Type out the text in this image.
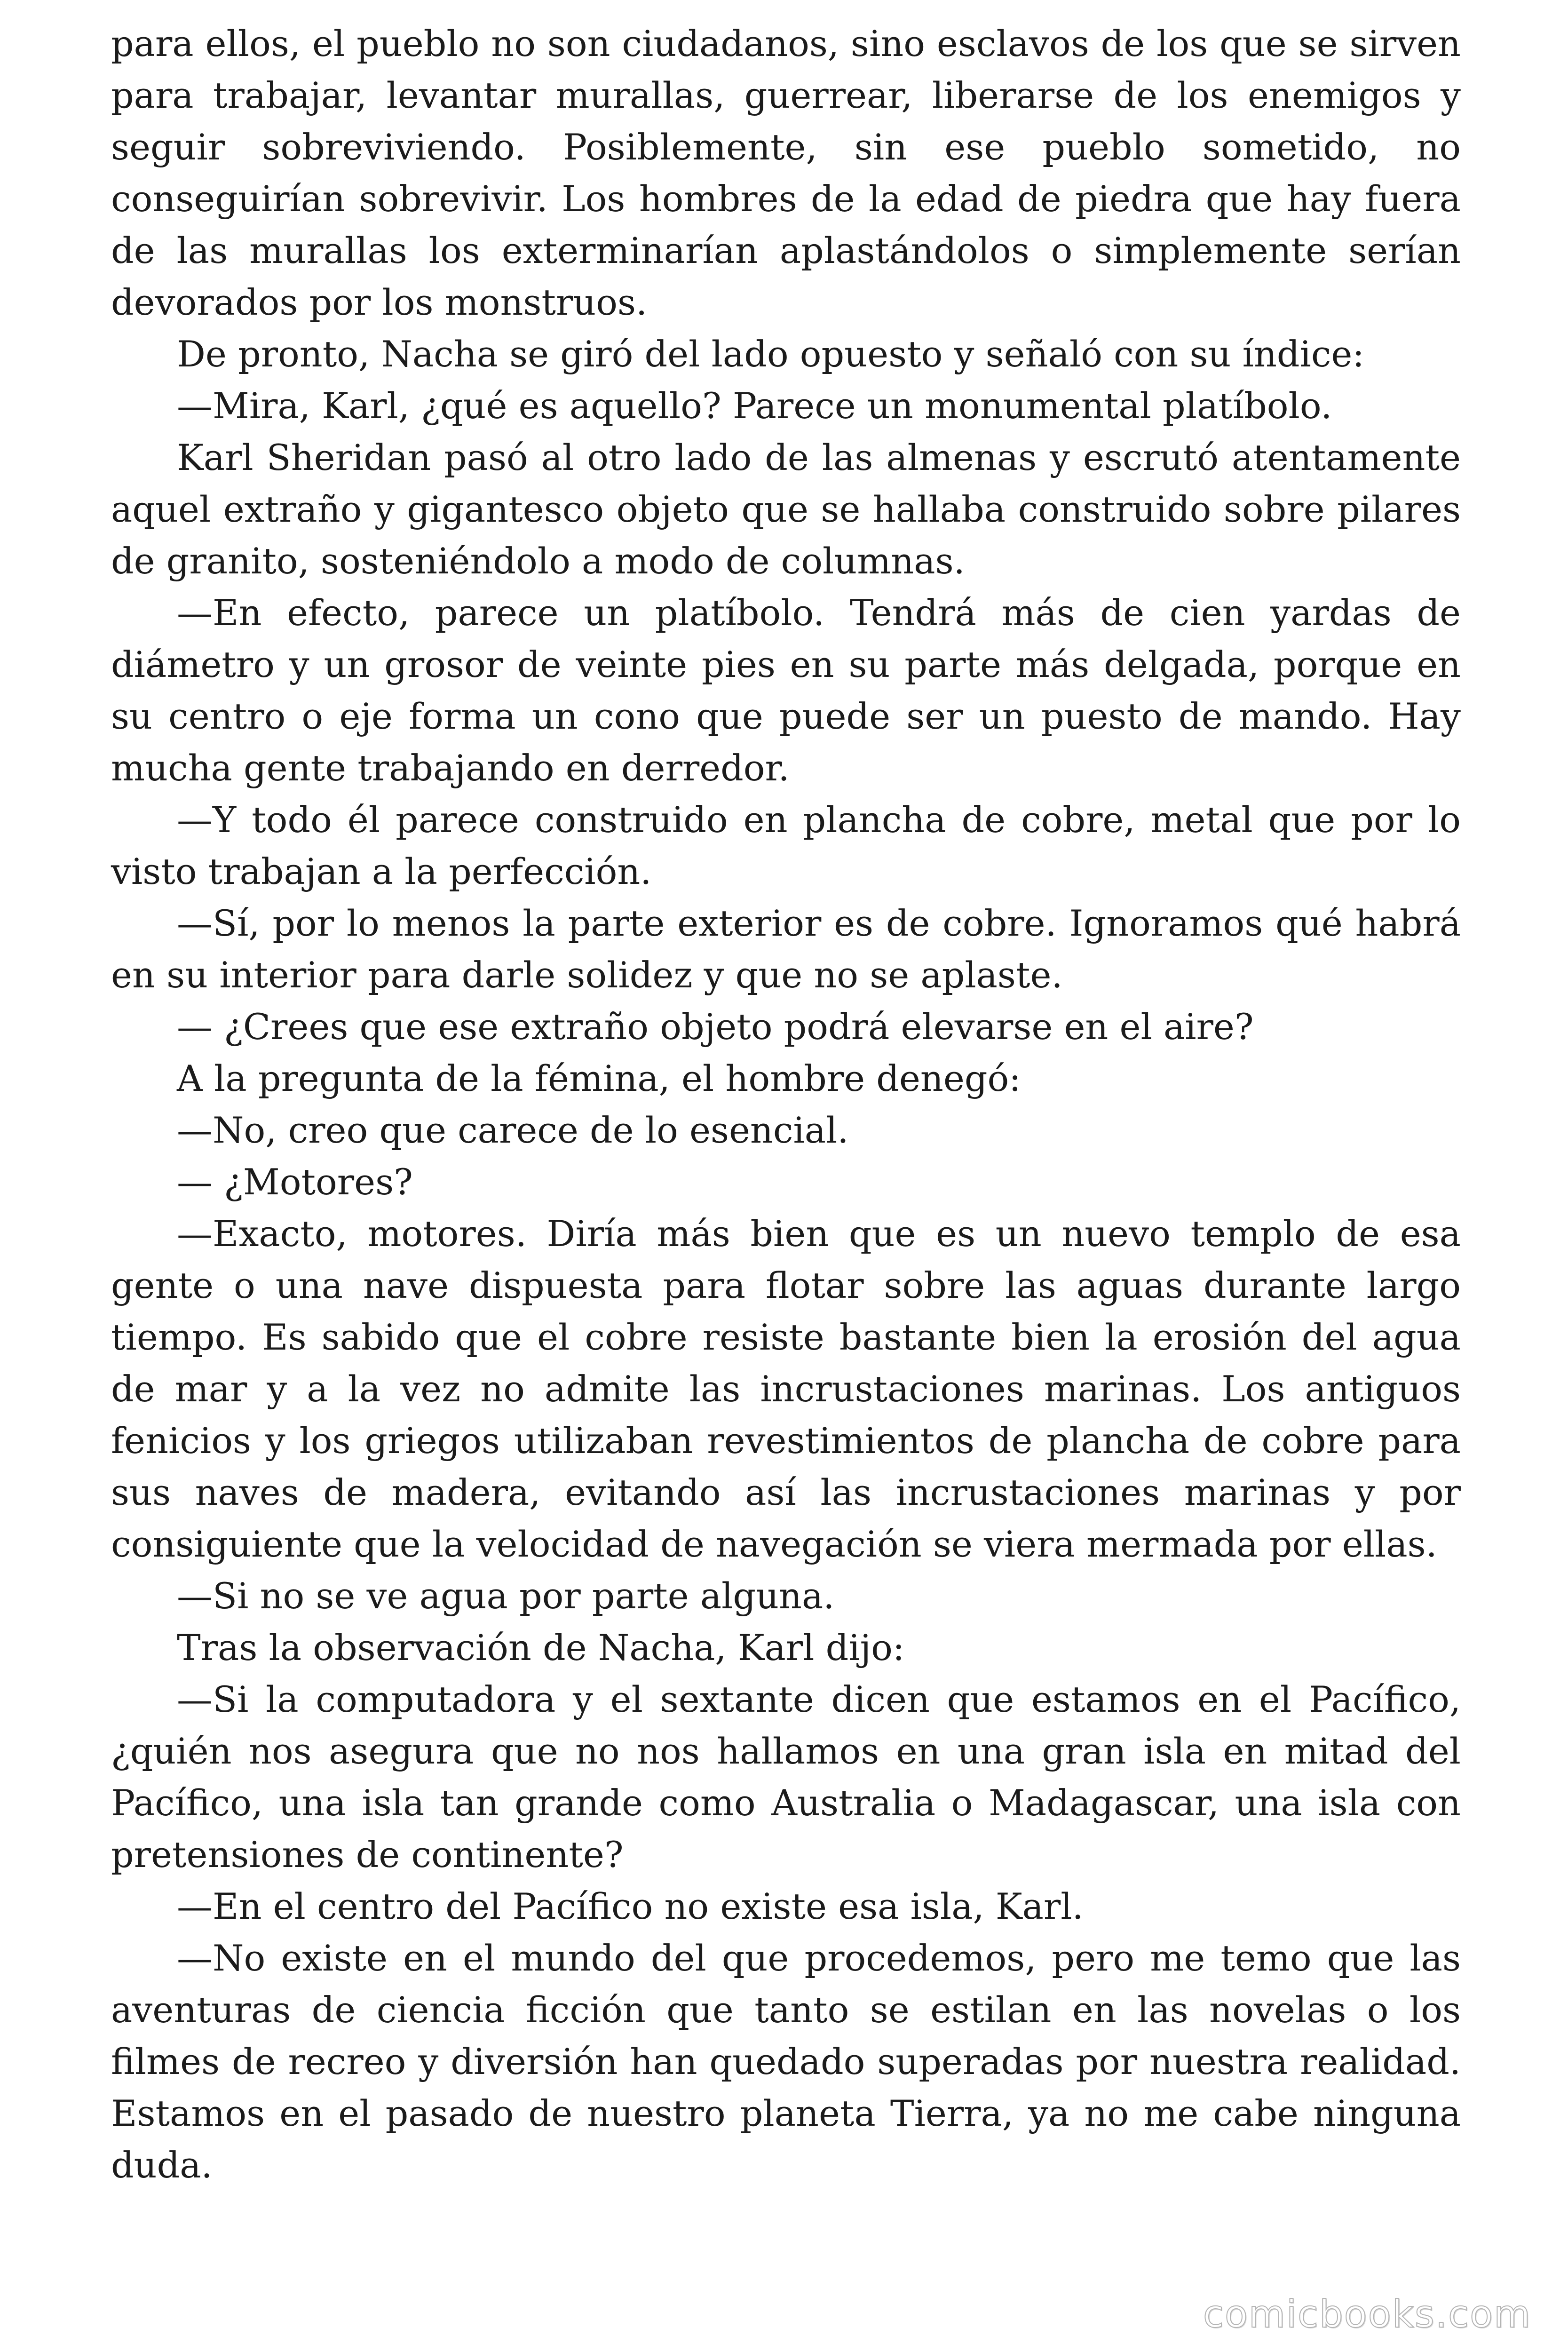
para ellos, el pueblo no son ciudadanos, sino esclavos de los que se sirven para trabajar, levantar murallas, guerrear, liberarse de los enemigos y seguir sobreviviendo. Posiblemente, sin ese pueblo sometido, no conseguirían sobrevivir. Los hombres de la edad de piedra que hay fuera de las murallas los exterminarían aplastándolos o simplemente serían devorados por los monstruos.

De pronto, Nacha se giró del lado opuesto y señaló con su índice:

—Mira, Karl, ¿qué es aquello? Parece un monumental platíbolo.

Karl Sheridan pasó al otro lado de las almenas y escrutó atentamente aquel extraño y gigantesco objeto que se hallaba construido sobre pilares de granito, sosteniéndolo a modo de columnas.

—En efecto, parece un platíbolo. Tendrá más de cien yardas de diámetro y un grosor de veinte pies en su parte más delgada, porque en su centro o eje forma un cono que puede ser un puesto de mando. Hay mucha gente trabajando en derredor.

—Y todo él parece construido en plancha de cobre, metal que por lo visto trabajan a la perfección.

—Sí, por lo menos la parte exterior es de cobre. Ignoramos qué habrá en su interior para darle solidez y que no se aplaste.

— ¿Crees que ese extraño objeto podrá elevarse en el aire?

A la pregunta de la fémina, el hombre denegó:

—No, creo que carece de lo esencial.

— ¿Motores?

—Exacto, motores. Diría más bien que es un nuevo templo de esa gente o una nave dispuesta para flotar sobre las aguas durante largo tiempo. Es sabido que el cobre resiste bastante bien la erosión del agua de mar y a la vez no admite las incrustaciones marinas. Los antiguos fenicios y los griegos utilizaban revestimientos de plancha de cobre para sus naves de madera, evitando así las incrustaciones marinas y por consiguiente que la velocidad de navegación se viera mermada por ellas.

—Si no se ve agua por parte alguna.

Tras la observación de Nacha, Karl dijo:

—Si la computadora y el sextante dicen que estamos en el Pacífico, ¿quién nos asegura que no nos hallamos en una gran isla en mitad del Pacífico, una isla tan grande como Australia o Madagascar, una isla con pretensiones de continente?

—En el centro del Pacífico no existe esa isla, Karl.

—No existe en el mundo del que procedemos, pero me temo que las aventuras de ciencia ficción que tanto se estilan en las novelas o los filmes de recreo y diversión han quedado superadas por nuestra realidad. Estamos en el pasado de nuestro planeta Tierra, ya no me cabe ninguna duda.

comicbooks.com
